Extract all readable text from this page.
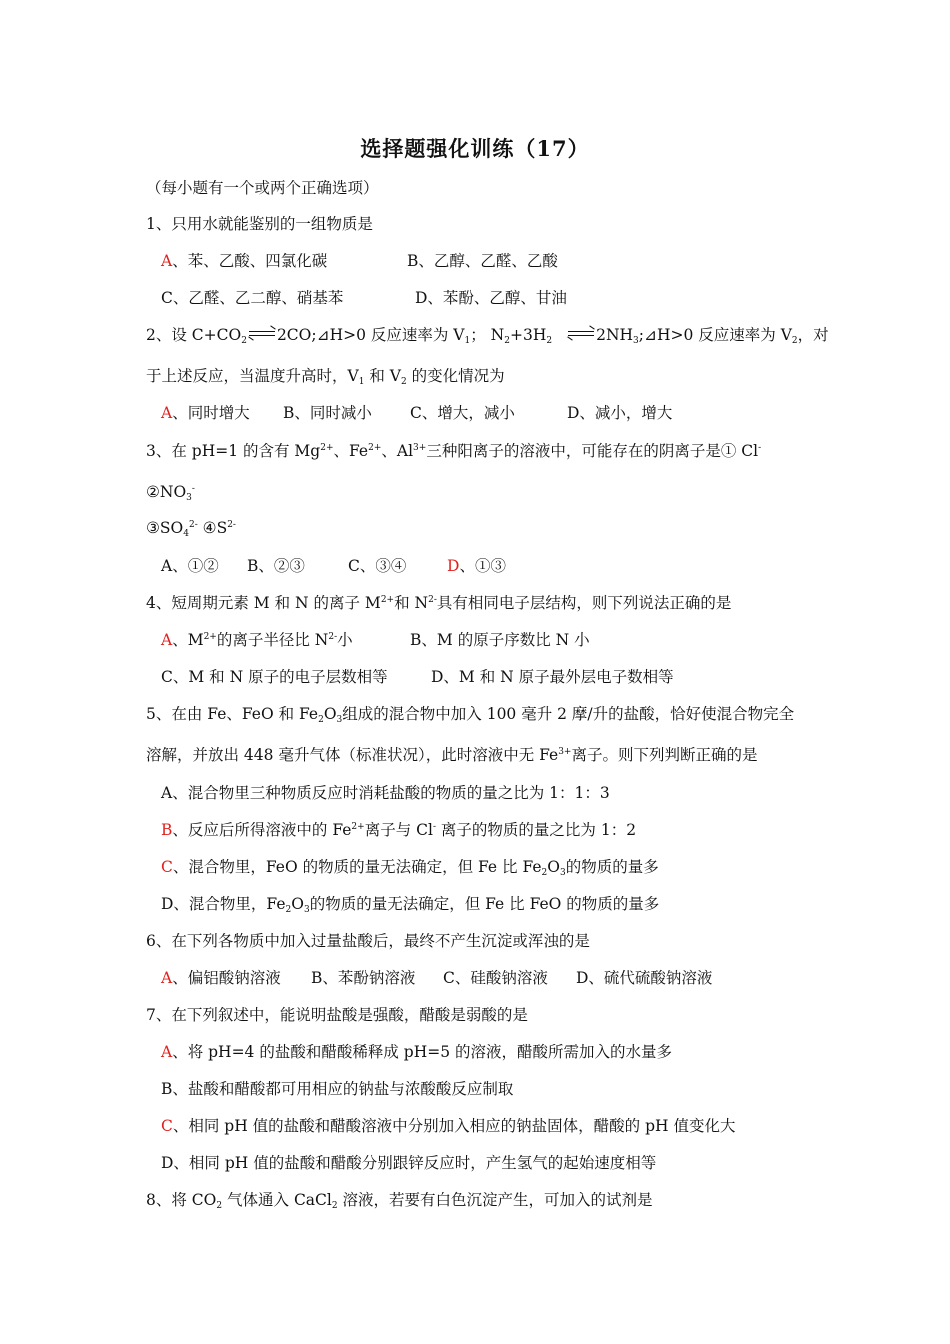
选择题强化训练（17）
（每小题有一个或两个正确选项）
1、只用水就能鉴别的一组物质是
A、苯、乙酸、四氯化碳	B、乙醇、乙醛、乙酸
C、乙醛、乙二醇、硝基苯	D、苯酚、乙醇、甘油
2、设 $C+CO_2$ 2CO;⊿H>0 反应速率为 $V_1$； $N_2+3H_2$	$2NH_3;⊿H>0$ 反应速率为 $V_2$，对
于上述反应，当温度升高时，$V_1$ 和 $V_2$ 的变化情况为
A、同时增大 B、同时减小 C、增大，减小	D、减小，增大
3、在 pH=1 的含有 $Mg^{2+}$、$Fe^{2+}$、$Al^{3+}$三种阳离子的溶液中，可能存在的阴离子是① Cl-
$②NO_3^-$
$③SO_4^{2-}$ $④S^{2-}$
A、①② B、②③	C、③④	D、①③
4、短周期元素 M 和 N 的离子 $M^{2+}$和 $N^{2-}$具有相同电子层结构，则下列说法正确的是
A、$M^{2+}$的离子半径比 $N^{2-}$小	B、M 的原子序数比 N 小
C、M 和 N 原子的电子层数相等	D、M 和 N 原子最外层电子数相等
5、在由 Fe、FeO 和 $Fe_2O_3$组成的混合物中加入 100 毫升 2 摩/升的盐酸，恰好使混合物完全
溶解，并放出 448 毫升气体（标准状况），此时溶液中无 $Fe^{3+}$离子。则下列判断正确的是
A、混合物里三种物质反应时消耗盐酸的物质的量之比为 1：1：3
B、反应后所得溶液中的 $Fe^{2+}$离子与 Cl- 离子的物质的量之比为 1：2
C、混合物里，FeO 的物质的量无法确定，但 Fe 比 $Fe_2O_3$的物质的量多
D、混合物里，$Fe_2O_3$的物质的量无法确定，但 Fe 比 FeO 的物质的量多
6、在下列各物质中加入过量盐酸后，最终不产生沉淀或浑浊的是
A、偏铝酸钠溶液 B、苯酚钠溶液 C、硅酸钠溶液 D、硫代硫酸钠溶液
7、在下列叙述中，能说明盐酸是强酸，醋酸是弱酸的是
A、将 pH=4 的盐酸和醋酸稀释成 pH=5 的溶液，醋酸所需加入的水量多
B、盐酸和醋酸都可用相应的钠盐与浓酸酸反应制取
C、相同 pH 值的盐酸和醋酸溶液中分别加入相应的钠盐固体，醋酸的 pH 值变化大
D、相同 pH 值的盐酸和醋酸分别跟锌反应时，产生氢气的起始速度相等
8、将 $CO_2$ 气体通入 CaCl$_2$ 溶液，若要有白色沉淀产生，可加入的试剂是
